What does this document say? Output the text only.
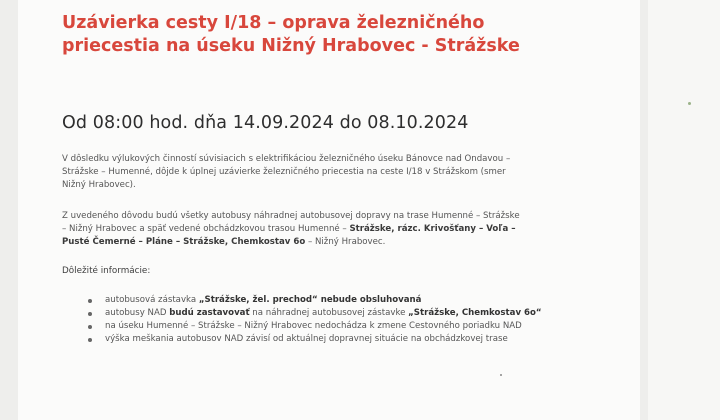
Uzávierka cesty I/18 – oprava železničného
priecestia na úseku Nižný Hrabovec - Strážske
Od 08:00 hod. dňa 14.09.2024 do 08.10.2024
V dôsledku výlukových činností súvisiacich s elektrifikáciou železničného úseku Bánovce nad Ondavou –
Strážske – Humenné, dôjde k úplnej uzávierke železničného priecestia na ceste I/18 v Strážskom (smer
Nižný Hrabovec).
Z uvedeného dôvodu budú všetky autobusy náhradnej autobusovej dopravy na trase Humenné – Strážske
– Nižný Hrabovec a späť vedené obchádzkovou trasou Humenné – Strážske, rázc. Krivošťany – Voľa –
Pusté Čemerné – Pláne – Strážske, Chemkostav 6o – Nižný Hrabovec.
Dôležité informácie:
autobusová zástavka „Strážske, žel. prechod“ nebude obsluhovaná
autobusy NAD budú zastavovať na náhradnej autobusovej zástavke „Strážske, Chemkostav 6o“
na úseku Humenné – Strážske – Nižný Hrabovec nedochádza k zmene Cestovného poriadku NAD
výška meškania autobusov NAD závisí od aktuálnej dopravnej situácie na obchádzkovej trase
